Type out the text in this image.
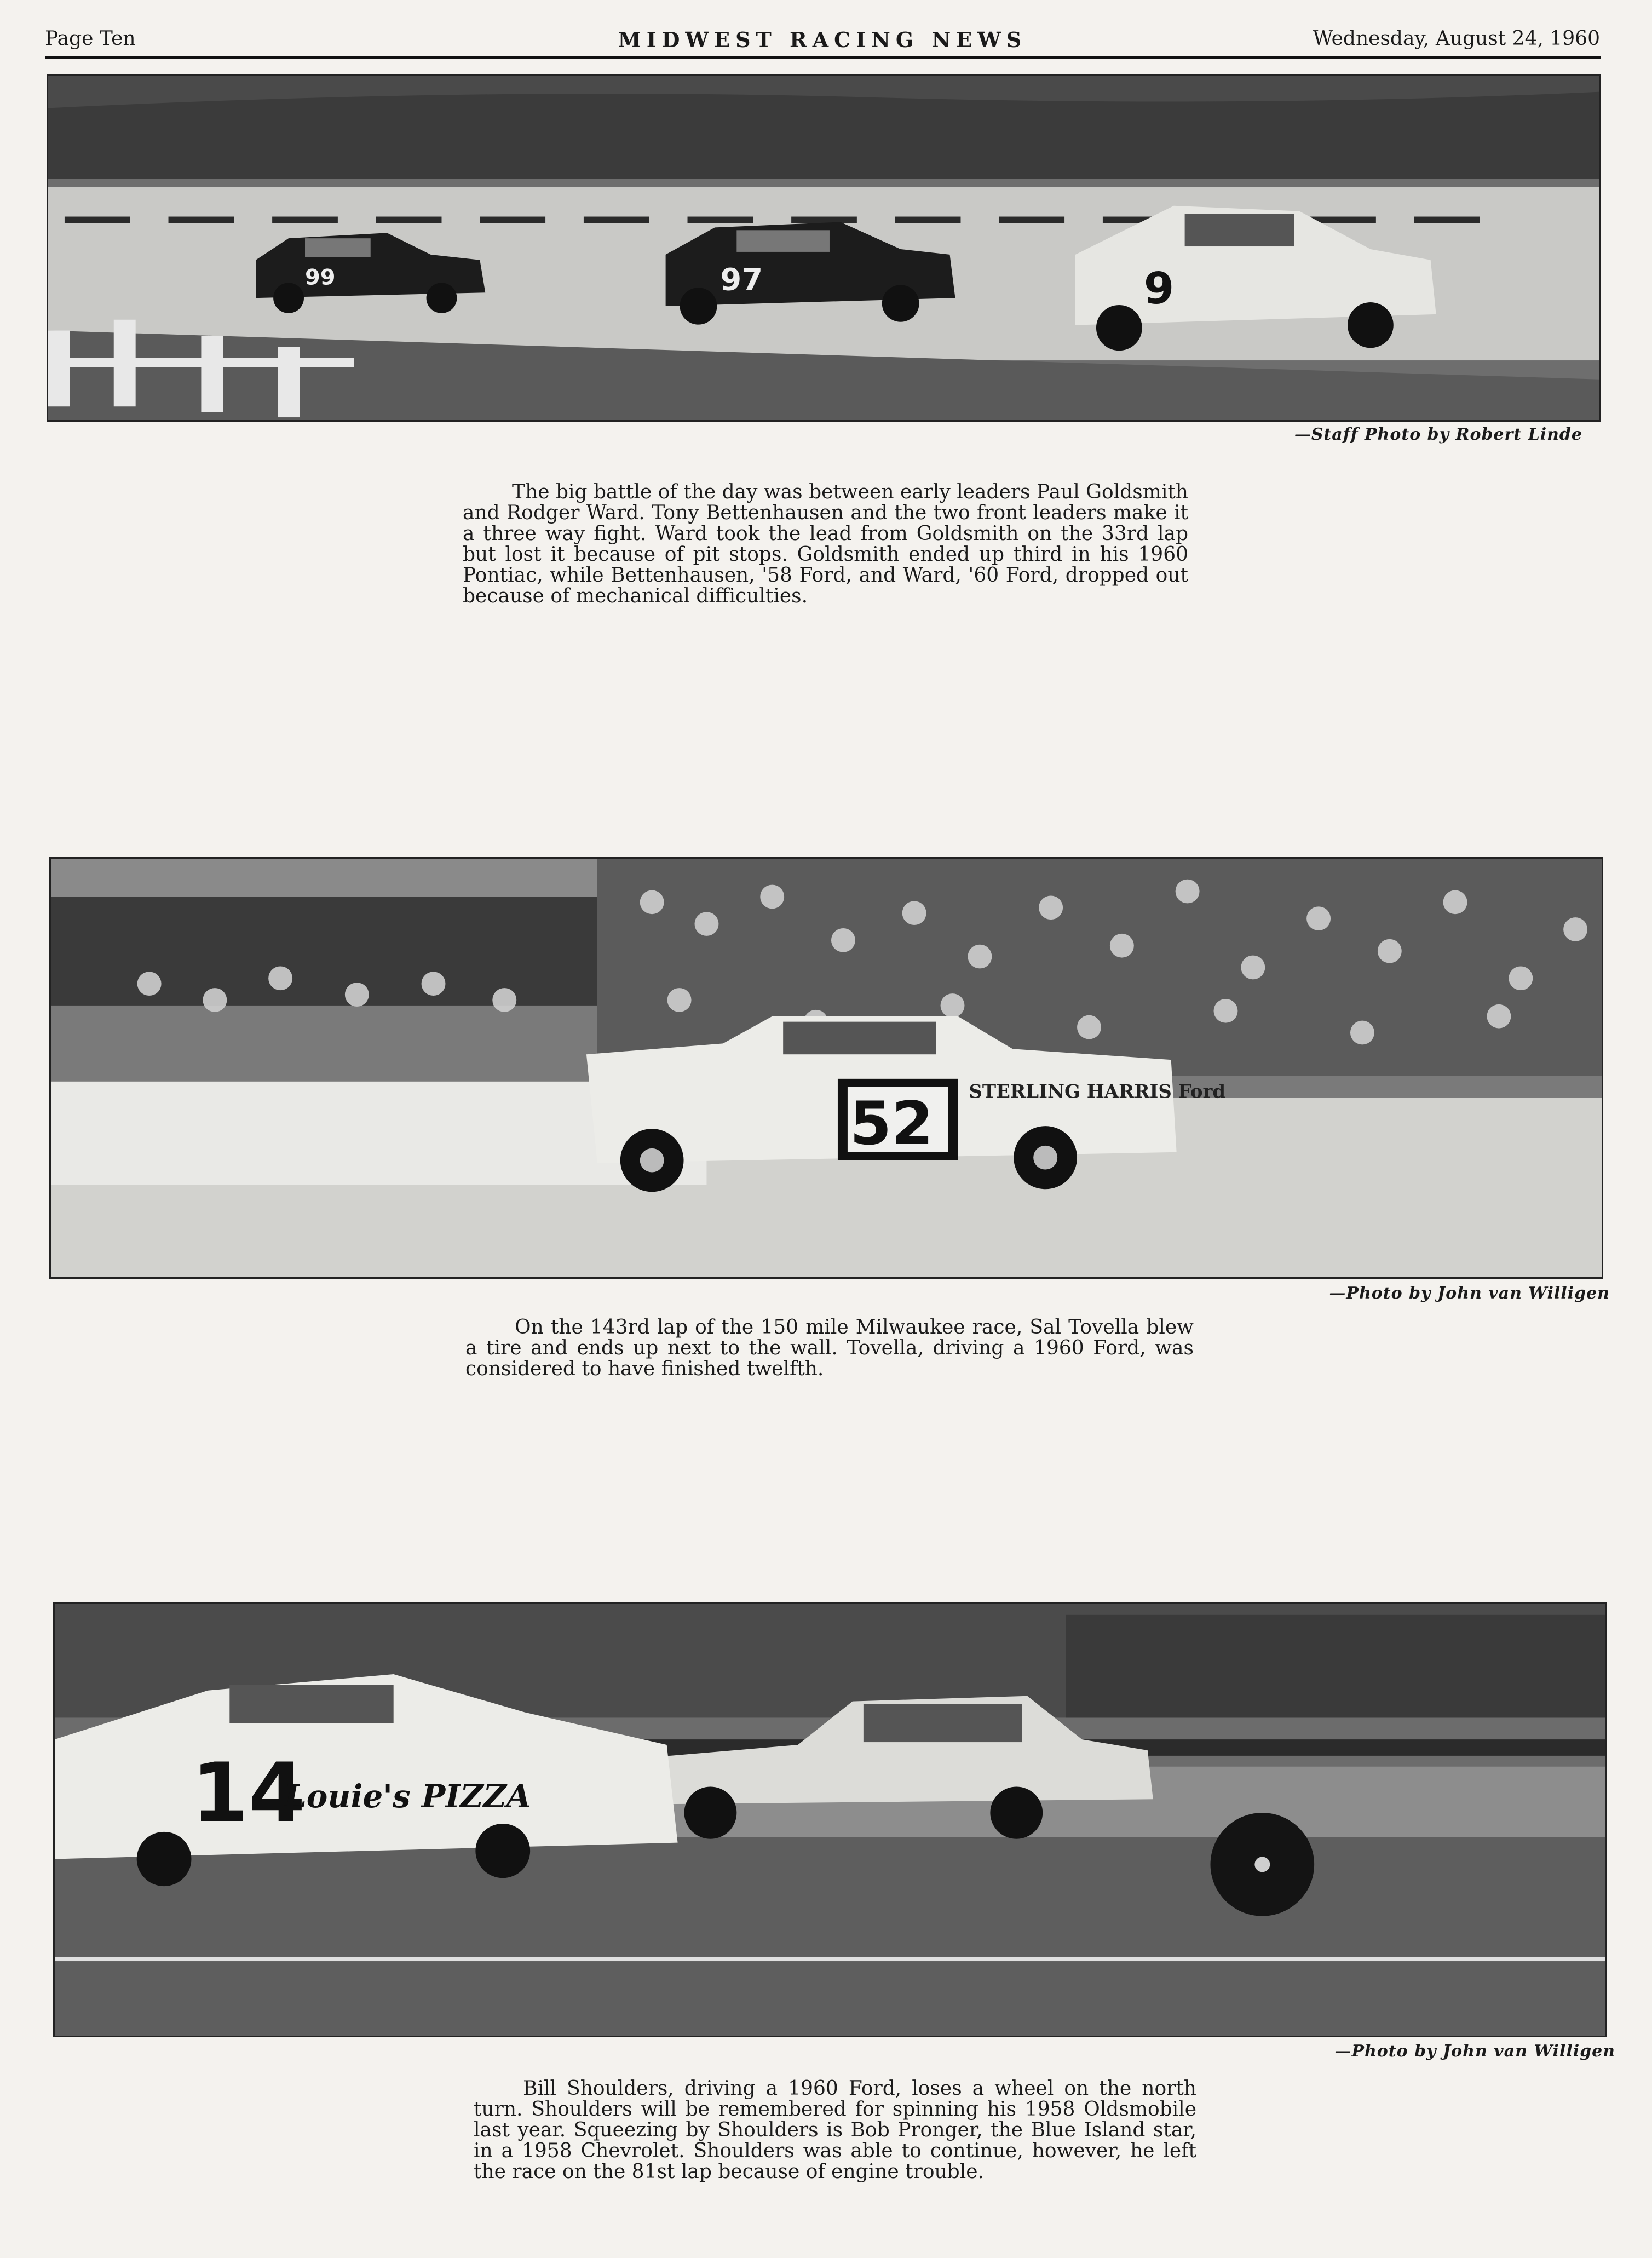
Page Ten	MIDWEST RACING NEWS	Wednesday, August 24, 1960
99	97	9
—Staff Photo by Robert Linde

The big battle of the day was between early leaders Paul Goldsmith and Rodger Ward. Tony Bettenhausen and the two front leaders make it a three way fight. Ward took the lead from Goldsmith on the 33rd lap but lost it because of pit stops. Goldsmith ended up third in his 1960 Pontiac, while Bettenhausen, '58 Ford, and Ward, '60 Ford, dropped out because of mechanical difficulties.

52 STERLING HARRIS Ford
—Photo by John van Willigen

On the 143rd lap of the 150 mile Milwaukee race, Sal Tovella blew a tire and ends up next to the wall. Tovella, driving a 1960 Ford, was considered to have finished twelfth.

14
Louie's PIZZA
—Photo by John van Willigen

Bill Shoulders, driving a 1960 Ford, loses a wheel on the north turn. Shoulders will be remembered for spinning his 1958 Oldsmobile last year. Squeezing by Shoulders is Bob Pronger, the Blue Island star, in a 1958 Chevrolet. Shoulders was able to continue, however, he left the race on the 81st lap because of engine trouble.
